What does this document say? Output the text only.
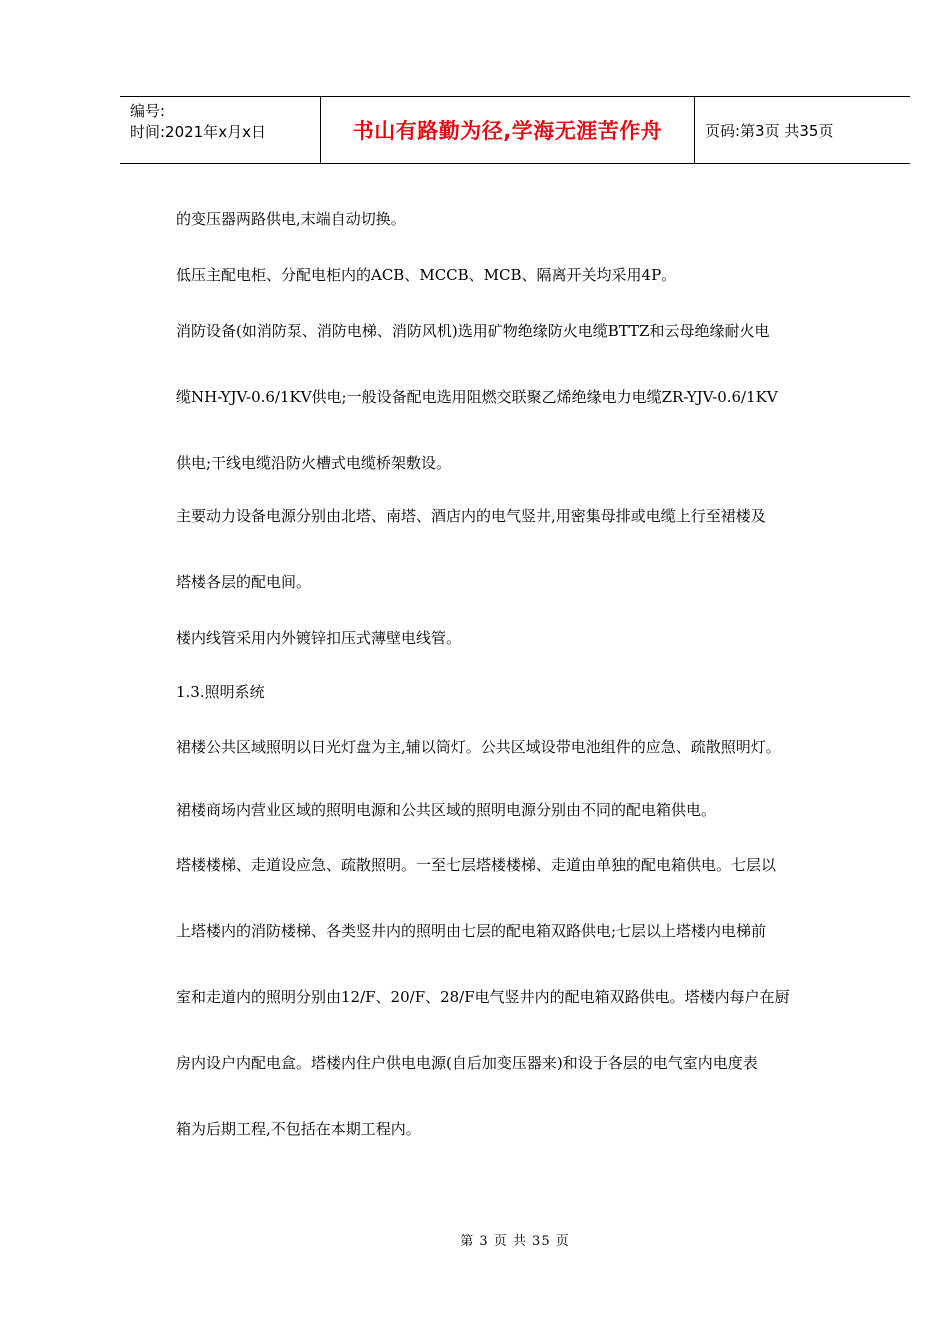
编号:
时间:2021年x月x日	书山有路勤为径,学海无涯苦作舟	页码:第3页 共35页
的变压器两路供电,末端自动切换。
低压主配电柜、分配电柜内的ACB、MCCB、MCB、隔离开关均采用4P。
消防设备(如消防泵、消防电梯、消防风机)选用矿物绝缘防火电缆BTTZ和云母绝缘耐火电
缆NH-YJV-0.6/1KV供电;一般设备配电选用阻燃交联聚乙烯绝缘电力电缆ZR-YJV-0.6/1KV
供电;干线电缆沿防火槽式电缆桥架敷设。
主要动力设备电源分别由北塔、南塔、酒店内的电气竖井,用密集母排或电缆上行至裙楼及
塔楼各层的配电间。
楼内线管采用内外镀锌扣压式薄壁电线管。
1.3.照明系统
裙楼公共区域照明以日光灯盘为主,辅以筒灯。公共区域设带电池组件的应急、疏散照明灯。
裙楼商场内营业区域的照明电源和公共区域的照明电源分别由不同的配电箱供电。
塔楼楼梯、走道设应急、疏散照明。一至七层塔楼楼梯、走道由单独的配电箱供电。七层以
上塔楼内的消防楼梯、各类竖井内的照明由七层的配电箱双路供电;七层以上塔楼内电梯前
室和走道内的照明分别由12/F、20/F、28/F电气竖井内的配电箱双路供电。塔楼内每户在厨
房内设户内配电盒。塔楼内住户供电电源(自后加变压器来)和设于各层的电气室内电度表
箱为后期工程,不包括在本期工程内。
第 3 页 共 35 页
